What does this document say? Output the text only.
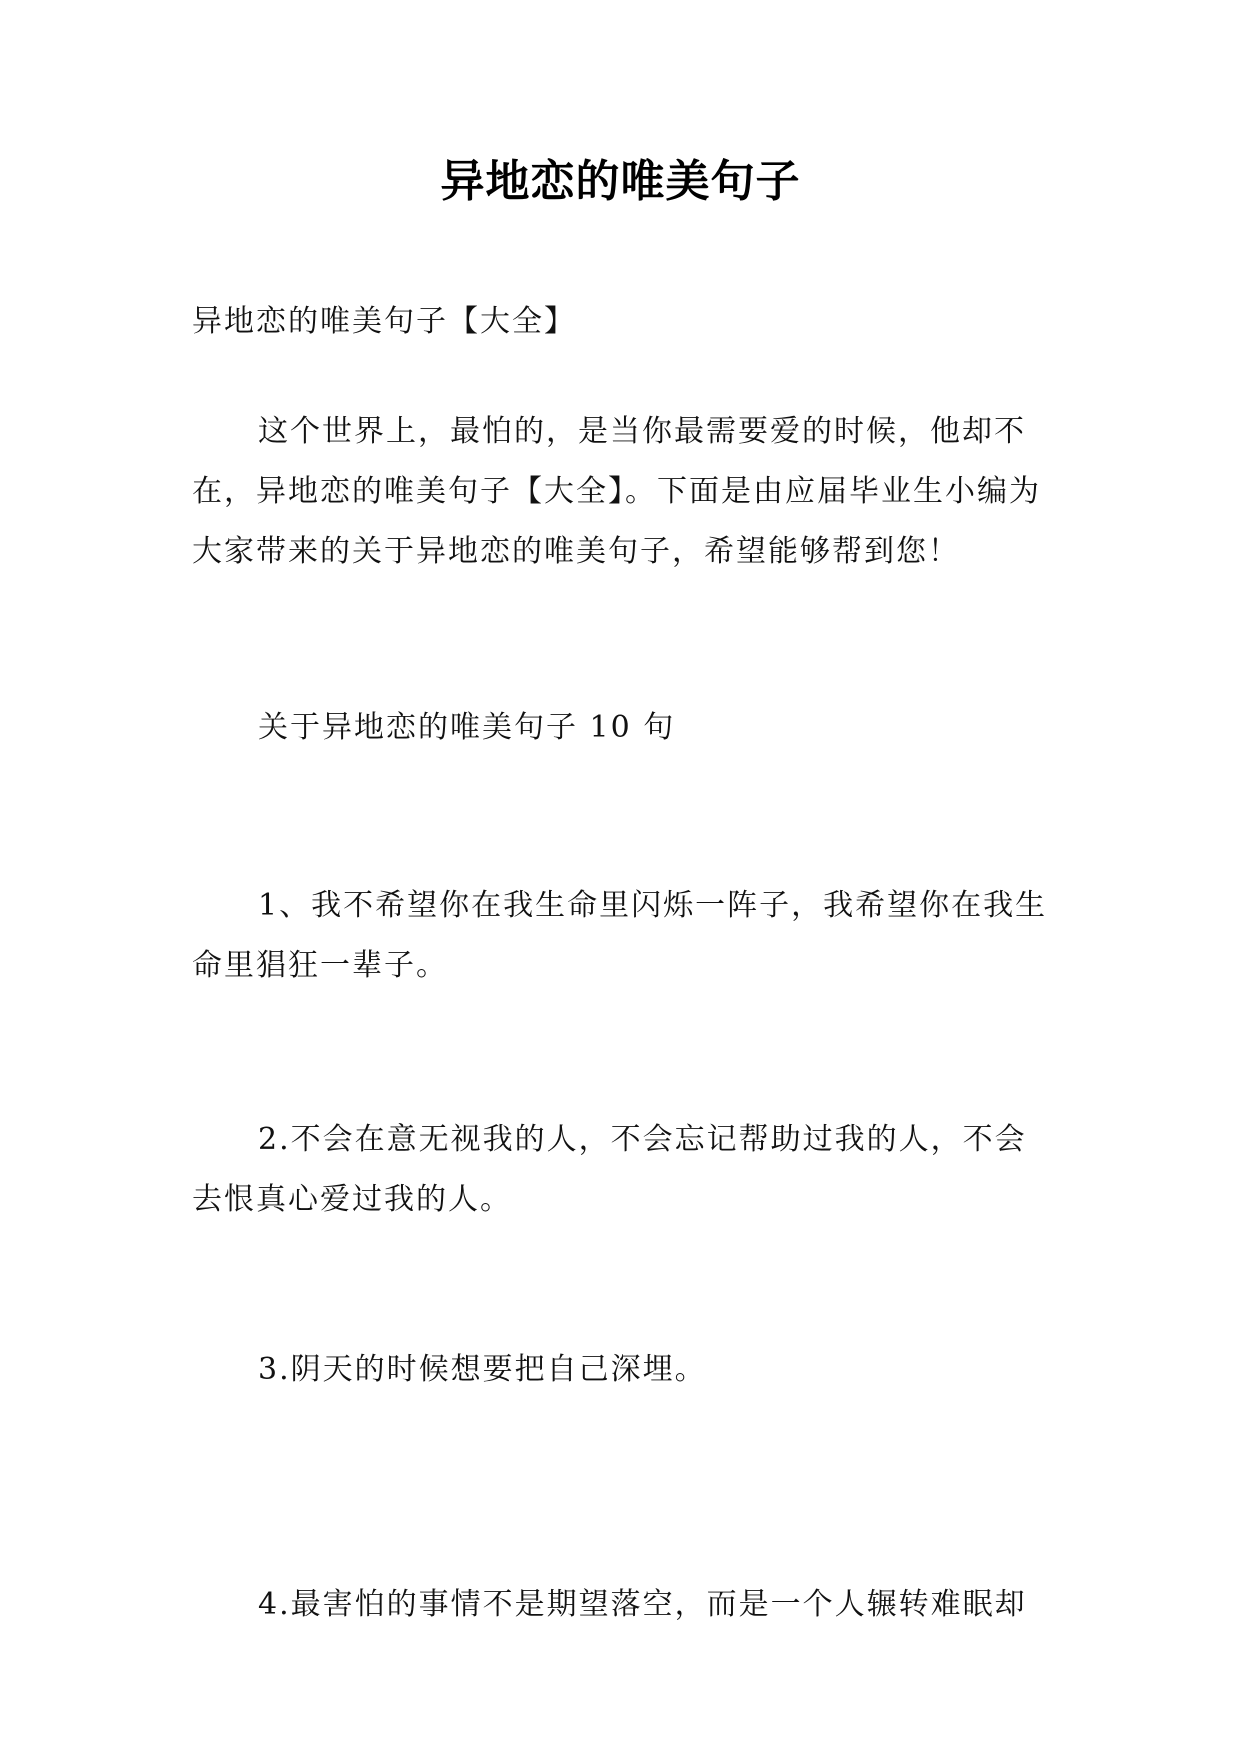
异地恋的唯美句子

异地恋的唯美句子【大全】

这个世界上，最怕的，是当你最需要爱的时候，他却不在，异地恋的唯美句子【大全】。下面是由应届毕业生小编为大家带来的关于异地恋的唯美句子，希望能够帮到您！

关于异地恋的唯美句子 10 句

1、我不希望你在我生命里闪烁一阵子，我希望你在我生命里猖狂一辈子。

2.不会在意无视我的人，不会忘记帮助过我的人，不会去恨真心爱过我的人。

3.阴天的时候想要把自己深埋。

4.最害怕的事情不是期望落空，而是一个人辗转难眠却
